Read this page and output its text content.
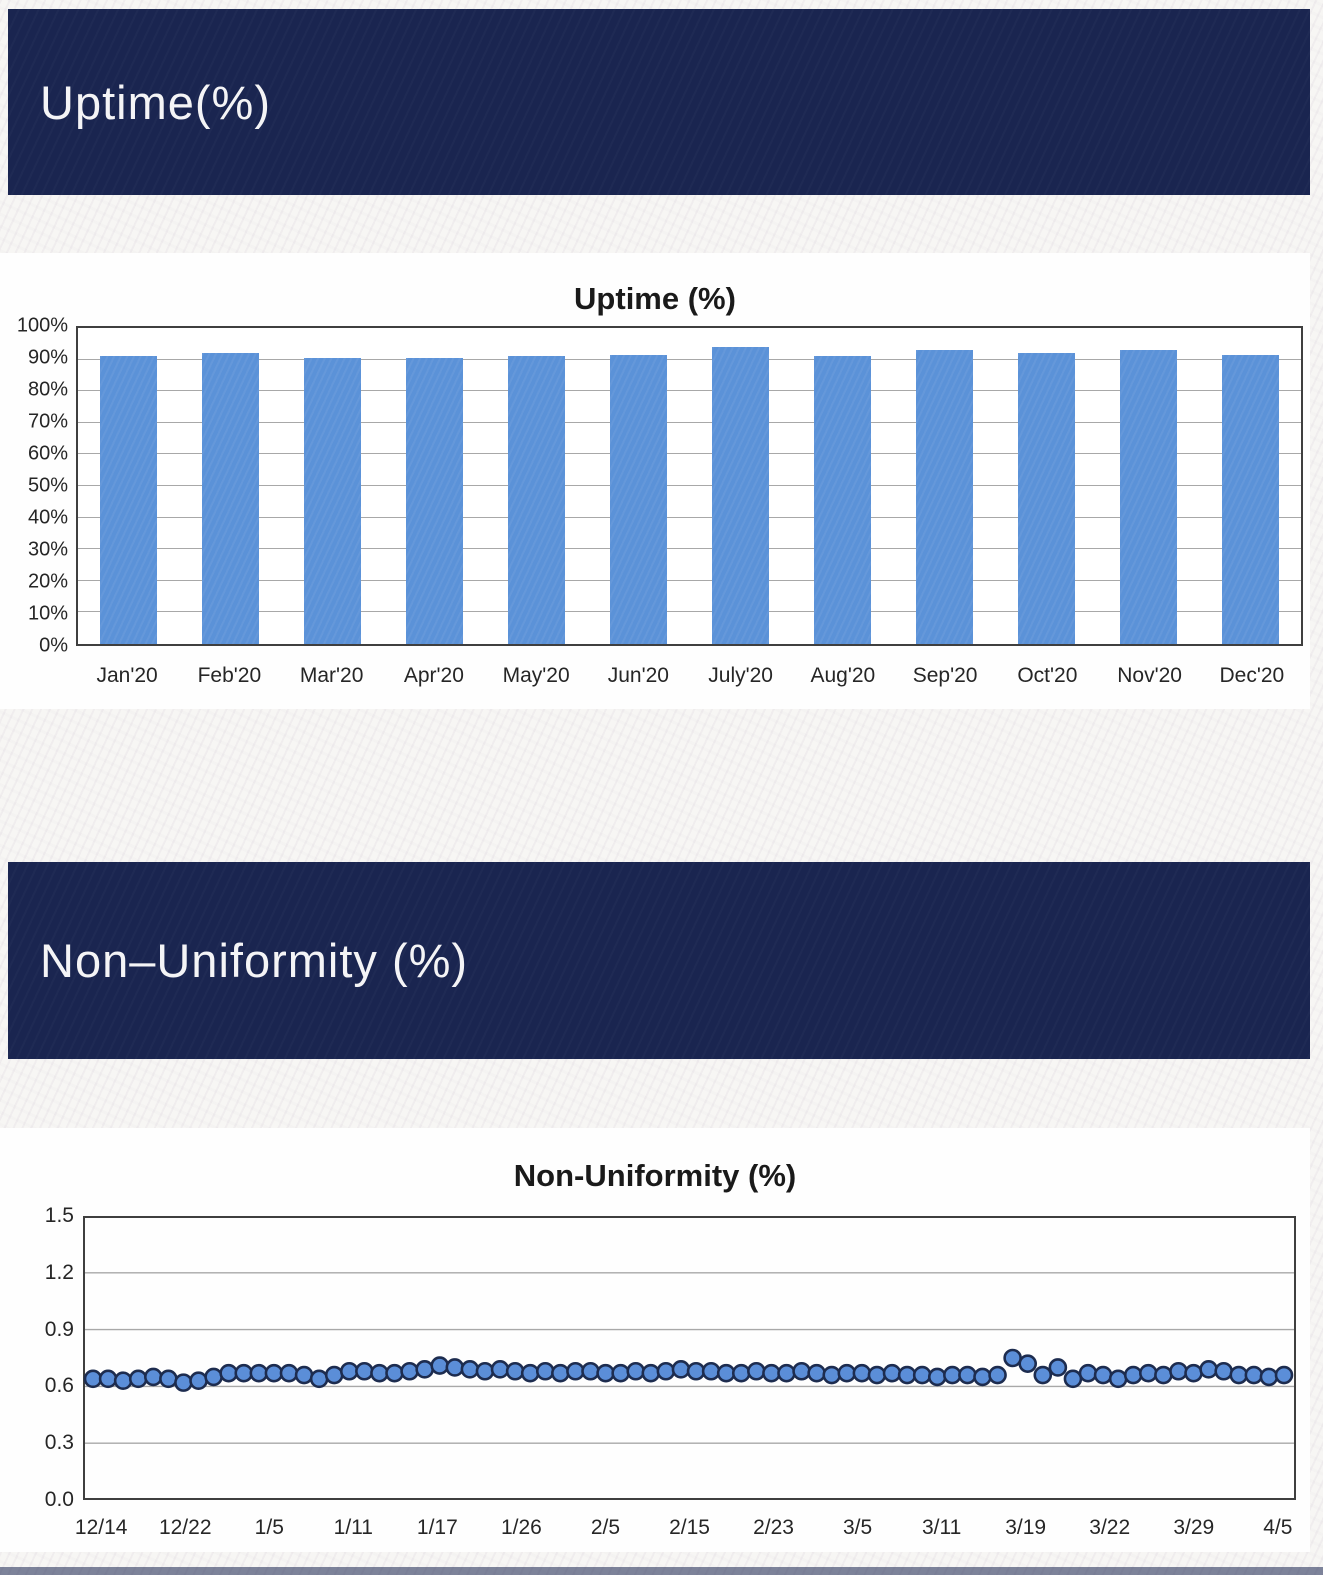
Uptime(%)
Uptime (%)
100%
90%
80%
70%
60%
50%
40%
30%
20%
10%
0%
Jan'20	Feb'20	Mar'20	Apr'20	May'20	Jun'20	July'20	Aug'20	Sep'20	Oct'20	Nov'20	Dec'20
Non–Uniformity (%)
Non-Uniformity (%)
1.5
1.2
0.9
0.6
0.3
0.0
12/14 12/22 1/5 1/11 1/17 1/26 2/5 2/15 2/23 3/5 3/11 3/19 3/22 3/29 4/5
